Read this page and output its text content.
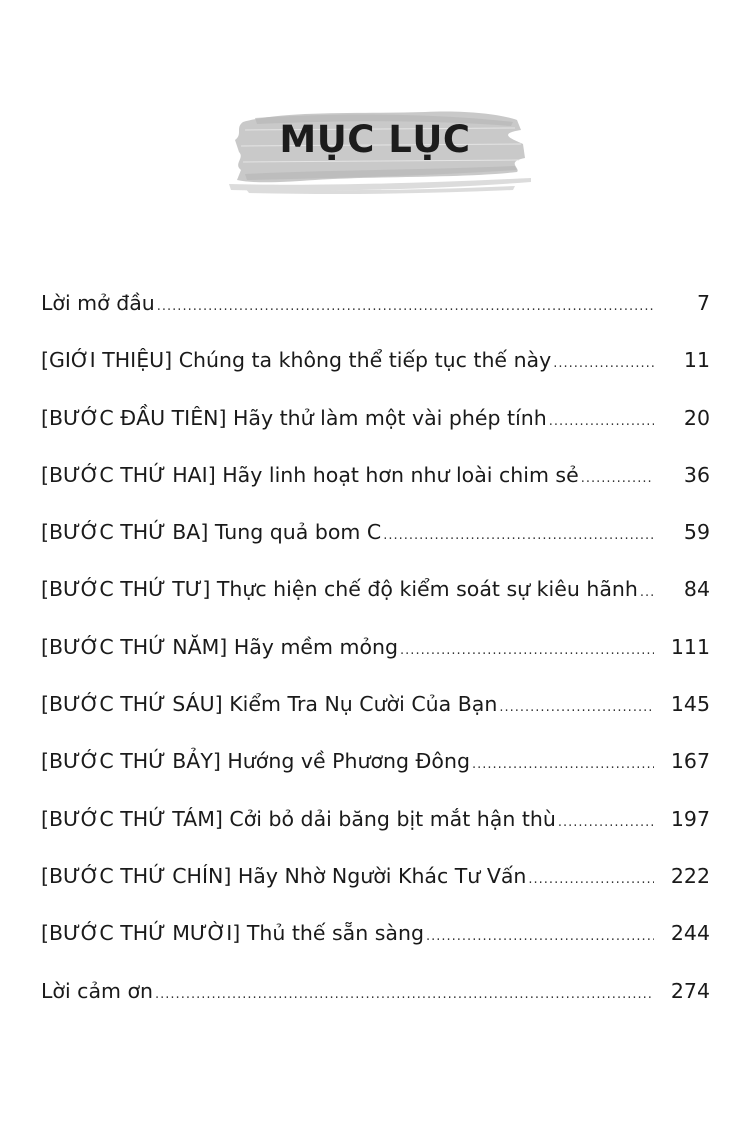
MỤC LỤC
Lời mở đầu .....	7
[GIỚI THIỆU] Chúng ta không thể tiếp tục thế này .....	11
[BƯỚC ĐẦU TIÊN] Hãy thử làm một vài phép tính .....	20
[BƯỚC THỨ HAI] Hãy linh hoạt hơn như loài chim sẻ .....	36
[BƯỚC THỨ BA] Tung quả bom C .....	59
[BƯỚC THỨ TƯ] Thực hiện chế độ kiểm soát sự kiêu hãnh .....	84
[BƯỚC THỨ NĂM] Hãy mềm mỏng .....	111
[BƯỚC THỨ SÁU] Kiểm Tra Nụ Cười Của Bạn .....	145
[BƯỚC THỨ BẢY] Hướng về Phương Đông .....	167
[BƯỚC THỨ TÁM] Cởi bỏ dải băng bịt mắt hận thù .....	197
[BƯỚC THỨ CHÍN] Hãy Nhờ Người Khác Tư Vấn .....	222
[BƯỚC THỨ MƯỜI] Thủ thế sẵn sàng .....	244
Lời cảm ơn .....	274
